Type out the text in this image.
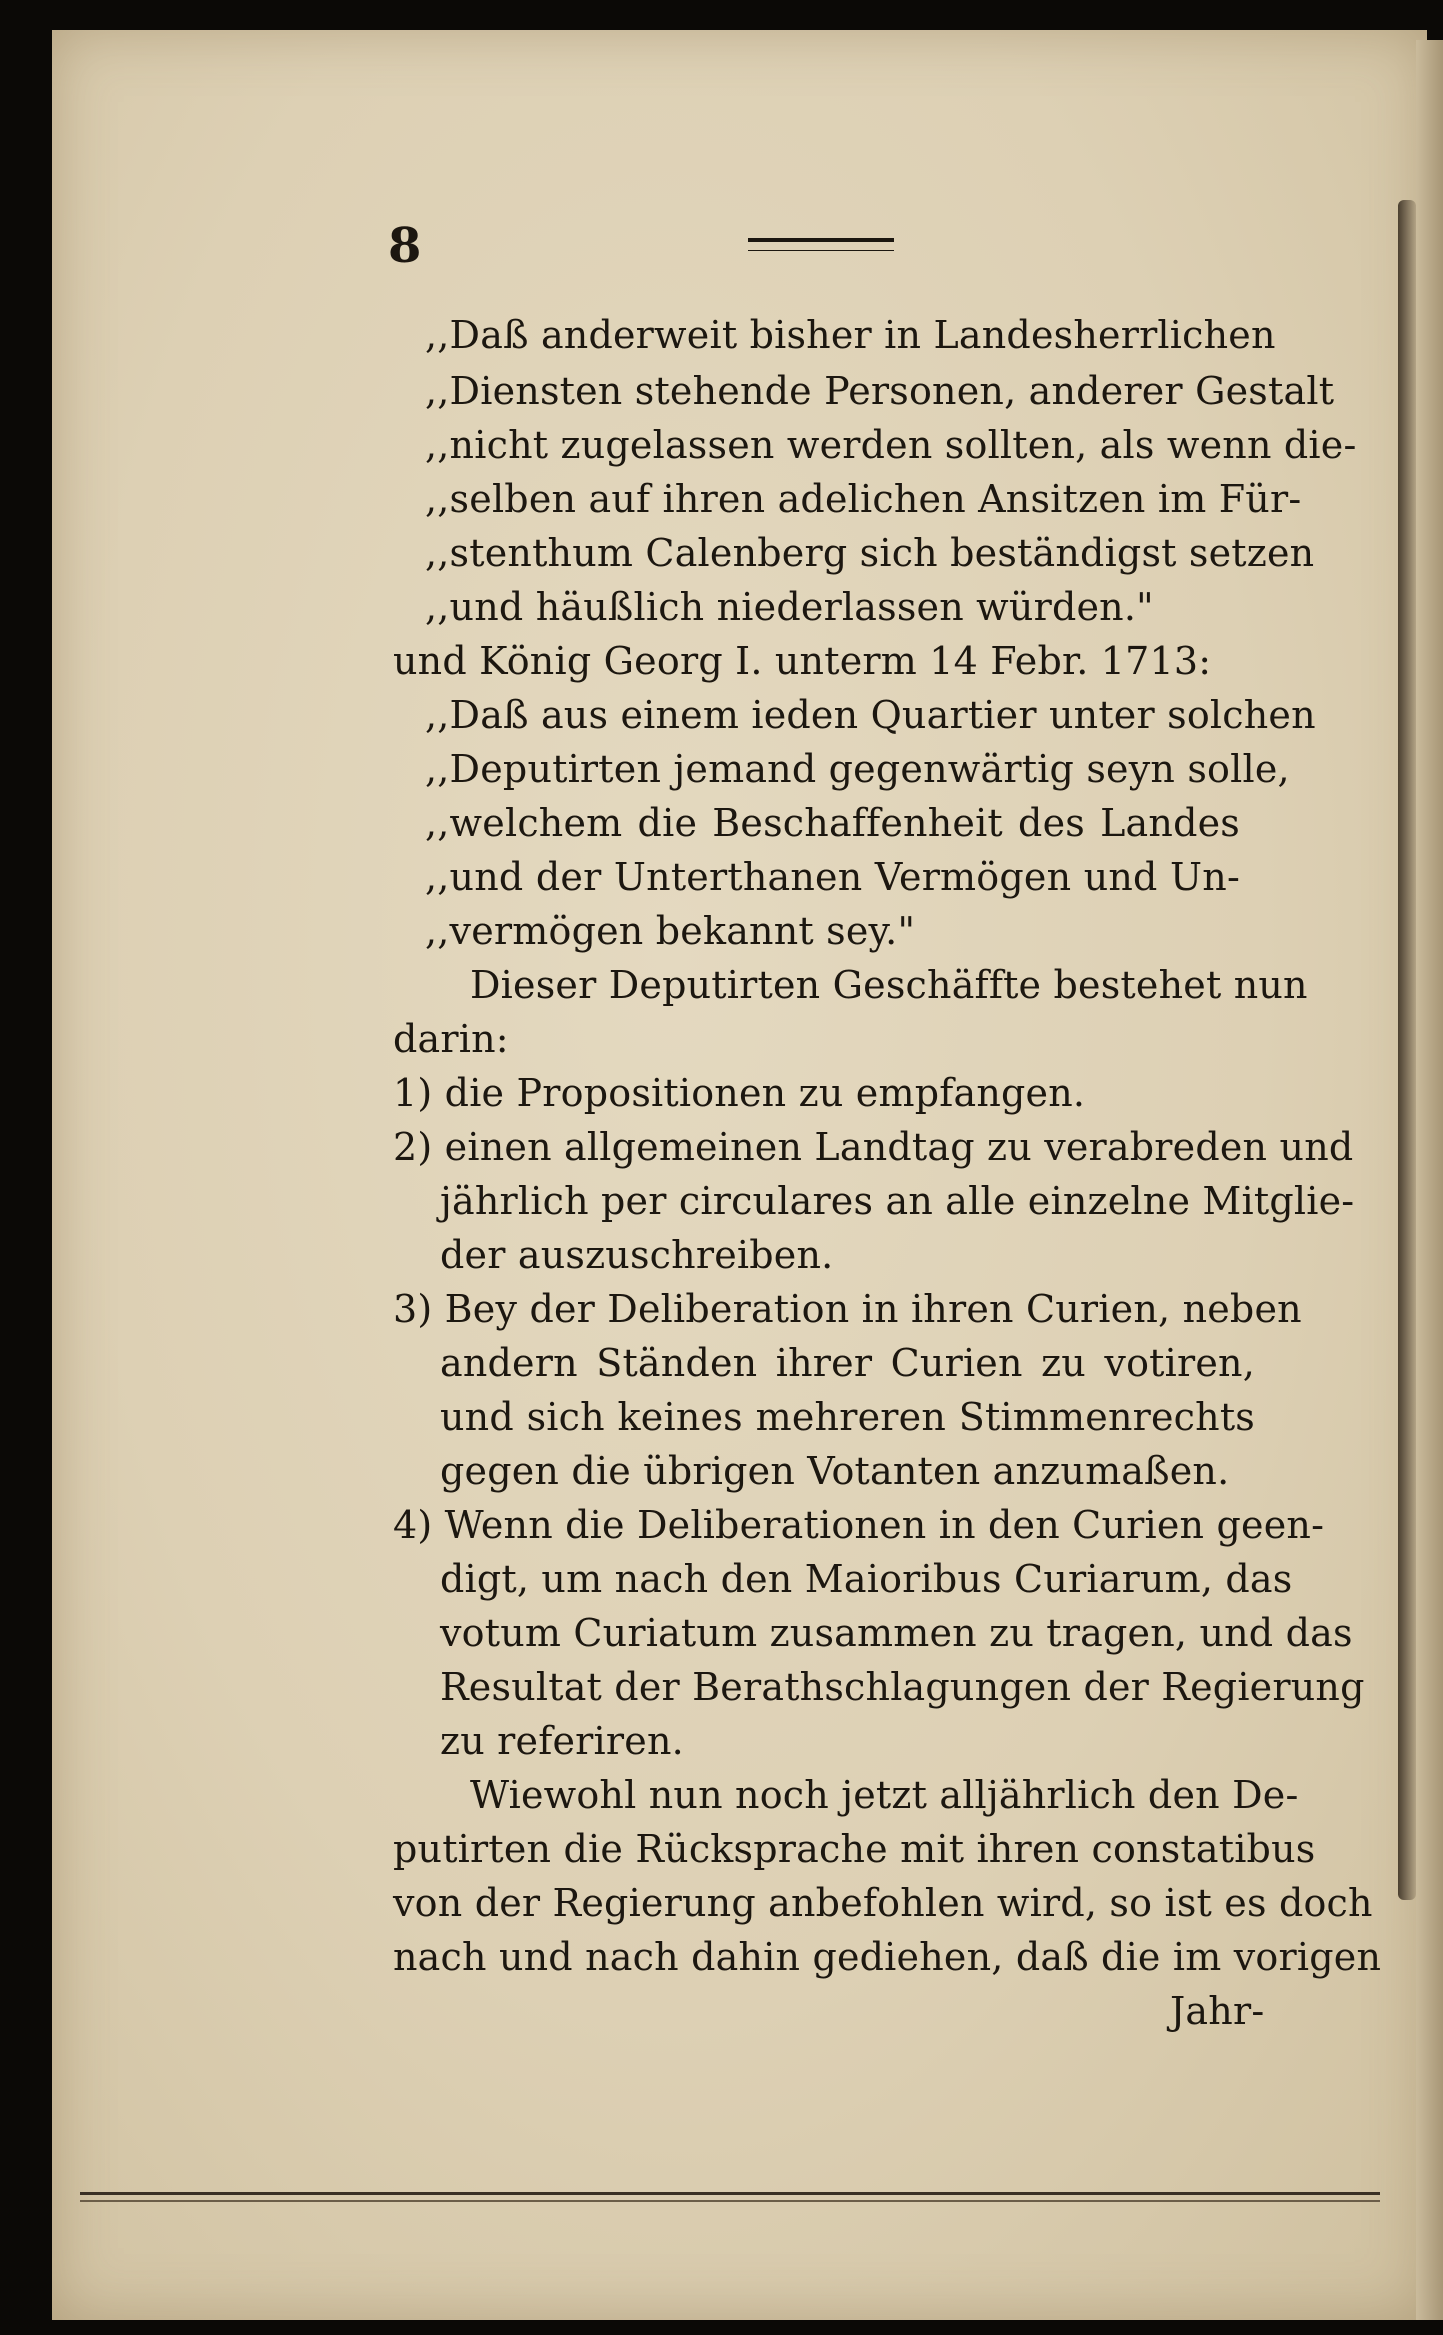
8
,,Daß anderweit bisher in Landesherrlichen
,,Diensten stehende Personen, anderer Gestalt
,,nicht zugelassen werden sollten, als wenn die-
,,selben auf ihren adelichen Ansitzen im Für-
,,stenthum Calenberg sich beständigst setzen
,,und häußlich niederlassen würden."
und König Georg I. unterm 14 Febr. 1713:
,,Daß aus einem ieden Quartier unter solchen
,,Deputirten jemand gegenwärtig seyn solle,
,,welchem die Beschaffenheit des Landes
,,und der Unterthanen Vermögen und Un-
,,vermögen bekannt sey."
Dieser Deputirten Geschäffte bestehet nun
darin:
1) die Propositionen zu empfangen.
2) einen allgemeinen Landtag zu verabreden und
jährlich per circulares an alle einzelne Mitglie-
der auszuschreiben.
3) Bey der Deliberation in ihren Curien, neben
andern Ständen ihrer Curien zu votiren,
und sich keines mehreren Stimmenrechts
gegen die übrigen Votanten anzumaßen.
4) Wenn die Deliberationen in den Curien geen-
digt, um nach den Maioribus Curiarum, das
votum Curiatum zusammen zu tragen, und das
Resultat der Berathschlagungen der Regierung
zu referiren.
Wiewohl nun noch jetzt alljährlich den De-
putirten die Rücksprache mit ihren constatibus
von der Regierung anbefohlen wird, so ist es doch
nach und nach dahin gediehen, daß die im vorigen
Jahr-
